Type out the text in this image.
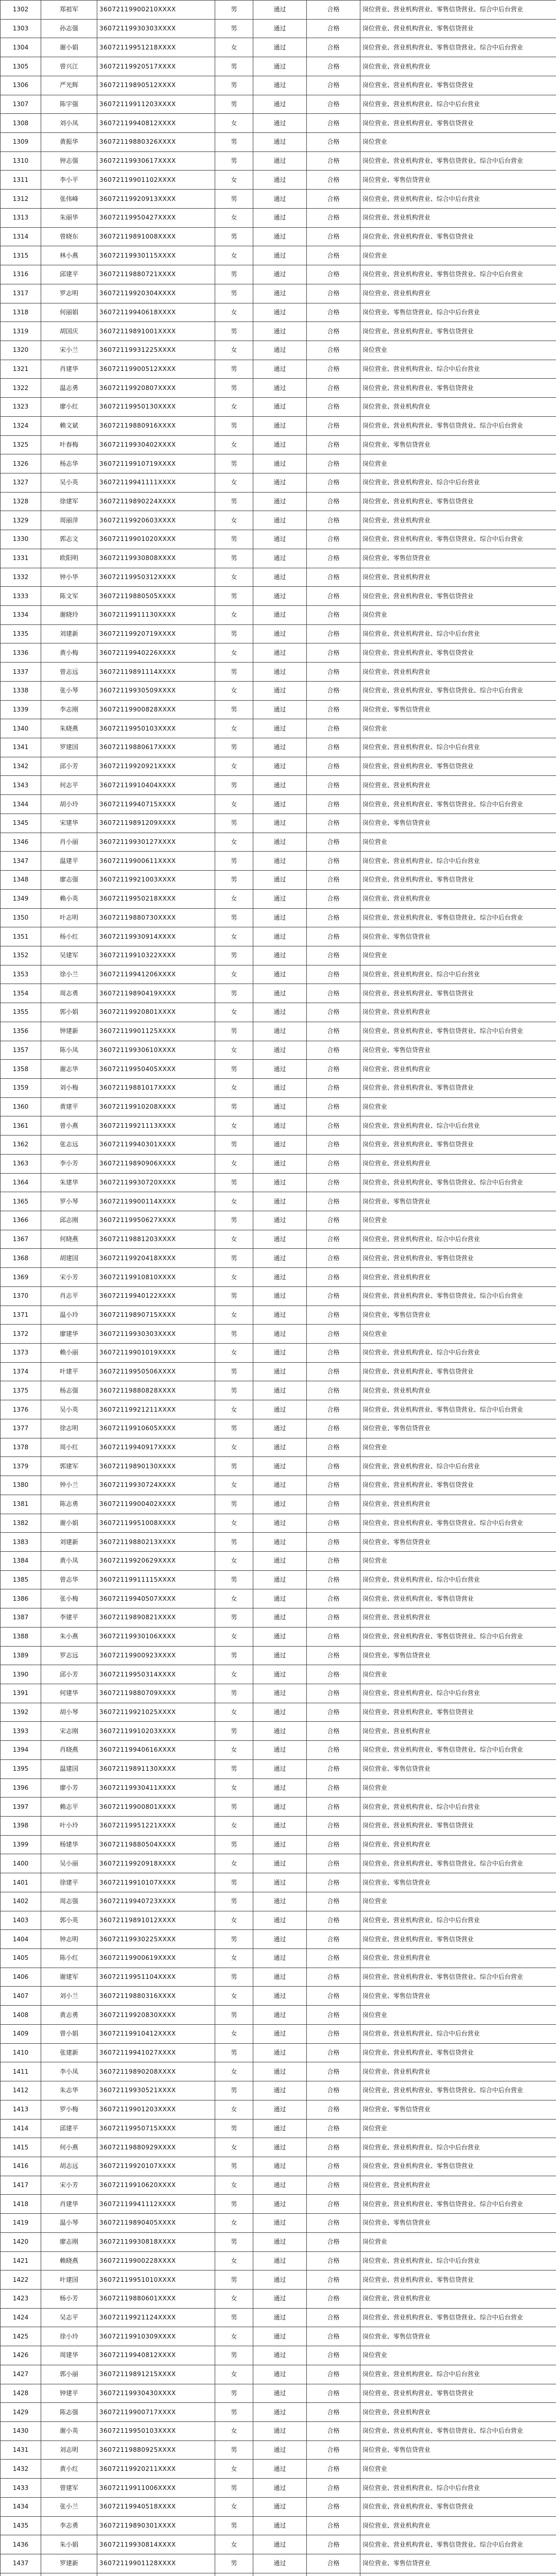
1302	郑祖军	36072119900210XXXX	男	通过	合格	岗位营业、营业机构营业、零售信贷营业、综合中后台营业
1303	孙志强	36072119930303XXXX	男	通过	合格	岗位营业、营业机构营业、零售信贷营业
1304	谢小娟	36072119951218XXXX	女	通过	合格	岗位营业、营业机构营业、零售信贷营业、综合中后台营业
1305	曾兴江	36072119920517XXXX	男	通过	合格	岗位营业、营业机构营业
1306	严光辉	36072119890512XXXX	男	通过	合格	岗位营业、营业机构营业、零售信贷营业
1307	陈宇强	36072119911203XXXX	男	通过	合格	岗位营业、营业机构营业、综合中后台营业
1308	刘小凤	36072119940812XXXX	女	通过	合格	岗位营业、营业机构营业、零售信贷营业
1309	黄振华	36072119880326XXXX	男	通过	合格	岗位营业
1310	钟志强	36072119930617XXXX	男	通过	合格	岗位营业、营业机构营业、零售信贷营业、综合中后台营业
1311	李小平	36072119901102XXXX	女	通过	合格	岗位营业、零售信贷营业
1312	张伟峰	36072119920913XXXX	男	通过	合格	岗位营业、营业机构营业、综合中后台营业
1313	朱丽华	36072119950427XXXX	女	通过	合格	岗位营业、营业机构营业
1314	曾晓东	36072119891008XXXX	男	通过	合格	岗位营业、营业机构营业、零售信贷营业
1315	林小燕	36072119930115XXXX	女	通过	合格	岗位营业
1316	邱建平	36072119880721XXXX	男	通过	合格	岗位营业、营业机构营业、零售信贷营业、综合中后台营业
1317	罗志明	36072119920304XXXX	男	通过	合格	岗位营业、营业机构营业
1318	何丽娟	36072119940618XXXX	女	通过	合格	岗位营业、零售信贷营业、综合中后台营业
1319	胡国庆	36072119891001XXXX	男	通过	合格	岗位营业、营业机构营业、零售信贷营业
1320	宋小兰	36072119931225XXXX	女	通过	合格	岗位营业
1321	肖建华	36072119900512XXXX	男	通过	合格	岗位营业、营业机构营业、综合中后台营业
1322	温志勇	36072119920807XXXX	男	通过	合格	岗位营业、营业机构营业、零售信贷营业
1323	廖小红	36072119950130XXXX	女	通过	合格	岗位营业、营业机构营业
1324	赖文斌	36072119880916XXXX	男	通过	合格	岗位营业、营业机构营业、零售信贷营业、综合中后台营业
1325	叶春梅	36072119930402XXXX	女	通过	合格	岗位营业、零售信贷营业
1326	杨志华	36072119910719XXXX	男	通过	合格	岗位营业
1327	吴小英	36072119941111XXXX	女	通过	合格	岗位营业、营业机构营业、综合中后台营业
1328	徐建军	36072119890224XXXX	男	通过	合格	岗位营业、营业机构营业、零售信贷营业
1329	周丽萍	36072119920603XXXX	女	通过	合格	岗位营业、营业机构营业
1330	郭志文	36072119901020XXXX	男	通过	合格	岗位营业、营业机构营业、零售信贷营业、综合中后台营业
1331	欧阳明	36072119930808XXXX	男	通过	合格	岗位营业、零售信贷营业
1332	钟小华	36072119950312XXXX	女	通过	合格	岗位营业、营业机构营业
1333	陈文军	36072119880505XXXX	男	通过	合格	岗位营业、营业机构营业、零售信贷营业
1334	谢晓玲	36072119911130XXXX	女	通过	合格	岗位营业
1335	刘建新	36072119920719XXXX	男	通过	合格	岗位营业、营业机构营业、综合中后台营业
1336	黄小梅	36072119940226XXXX	女	通过	合格	岗位营业、营业机构营业、零售信贷营业
1337	曾志远	36072119891114XXXX	男	通过	合格	岗位营业、营业机构营业
1338	张小琴	36072119930509XXXX	女	通过	合格	岗位营业、营业机构营业、零售信贷营业、综合中后台营业
1339	李志刚	36072119900828XXXX	男	通过	合格	岗位营业、零售信贷营业
1340	朱晓燕	36072119950103XXXX	女	通过	合格	岗位营业
1341	罗建国	36072119880617XXXX	男	通过	合格	岗位营业、营业机构营业、综合中后台营业
1342	邱小芳	36072119920921XXXX	女	通过	合格	岗位营业、营业机构营业、零售信贷营业
1343	何志平	36072119910404XXXX	男	通过	合格	岗位营业、营业机构营业
1344	胡小玲	36072119940715XXXX	女	通过	合格	岗位营业、营业机构营业、零售信贷营业、综合中后台营业
1345	宋建华	36072119891209XXXX	男	通过	合格	岗位营业、零售信贷营业
1346	肖小丽	36072119930127XXXX	女	通过	合格	岗位营业
1347	温建平	36072119900611XXXX	男	通过	合格	岗位营业、营业机构营业、综合中后台营业
1348	廖志强	36072119921003XXXX	男	通过	合格	岗位营业、营业机构营业、零售信贷营业
1349	赖小英	36072119950218XXXX	女	通过	合格	岗位营业、营业机构营业
1350	叶志明	36072119880730XXXX	男	通过	合格	岗位营业、营业机构营业、零售信贷营业、综合中后台营业
1351	杨小红	36072119930914XXXX	女	通过	合格	岗位营业、零售信贷营业
1352	吴建军	36072119910322XXXX	男	通过	合格	岗位营业
1353	徐小兰	36072119941206XXXX	女	通过	合格	岗位营业、营业机构营业、综合中后台营业
1354	周志勇	36072119890419XXXX	男	通过	合格	岗位营业、营业机构营业、零售信贷营业
1355	郭小娟	36072119920801XXXX	女	通过	合格	岗位营业、营业机构营业
1356	钟建新	36072119901125XXXX	男	通过	合格	岗位营业、营业机构营业、零售信贷营业、综合中后台营业
1357	陈小凤	36072119930610XXXX	女	通过	合格	岗位营业、零售信贷营业
1358	谢志华	36072119950405XXXX	男	通过	合格	岗位营业、营业机构营业
1359	刘小梅	36072119881017XXXX	女	通过	合格	岗位营业、营业机构营业、零售信贷营业
1360	黄建平	36072119910208XXXX	男	通过	合格	岗位营业
1361	曾小燕	36072119921113XXXX	女	通过	合格	岗位营业、营业机构营业、综合中后台营业
1362	张志远	36072119940301XXXX	男	通过	合格	岗位营业、营业机构营业、零售信贷营业
1363	李小芳	36072119890906XXXX	女	通过	合格	岗位营业、营业机构营业
1364	朱建华	36072119930720XXXX	男	通过	合格	岗位营业、营业机构营业、零售信贷营业、综合中后台营业
1365	罗小琴	36072119900114XXXX	女	通过	合格	岗位营业、零售信贷营业
1366	邱志刚	36072119950627XXXX	男	通过	合格	岗位营业
1367	何晓燕	36072119881203XXXX	女	通过	合格	岗位营业、营业机构营业、综合中后台营业
1368	胡建国	36072119920418XXXX	男	通过	合格	岗位营业、营业机构营业、零售信贷营业
1369	宋小芳	36072119910810XXXX	女	通过	合格	岗位营业、营业机构营业
1370	肖志平	36072119940122XXXX	男	通过	合格	岗位营业、营业机构营业、零售信贷营业、综合中后台营业
1371	温小玲	36072119890715XXXX	女	通过	合格	岗位营业、零售信贷营业
1372	廖建华	36072119930303XXXX	男	通过	合格	岗位营业
1373	赖小丽	36072119901019XXXX	女	通过	合格	岗位营业、营业机构营业、综合中后台营业
1374	叶建平	36072119950506XXXX	男	通过	合格	岗位营业、营业机构营业、零售信贷营业
1375	杨志强	36072119880828XXXX	男	通过	合格	岗位营业、营业机构营业
1376	吴小英	36072119921211XXXX	女	通过	合格	岗位营业、营业机构营业、零售信贷营业、综合中后台营业
1377	徐志明	36072119910605XXXX	男	通过	合格	岗位营业、零售信贷营业
1378	周小红	36072119940917XXXX	女	通过	合格	岗位营业
1379	郭建军	36072119890130XXXX	男	通过	合格	岗位营业、营业机构营业、综合中后台营业
1380	钟小兰	36072119930724XXXX	女	通过	合格	岗位营业、营业机构营业、零售信贷营业
1381	陈志勇	36072119900402XXXX	男	通过	合格	岗位营业、营业机构营业
1382	谢小娟	36072119951008XXXX	女	通过	合格	岗位营业、营业机构营业、零售信贷营业、综合中后台营业
1383	刘建新	36072119880213XXXX	男	通过	合格	岗位营业、零售信贷营业
1384	黄小凤	36072119920629XXXX	女	通过	合格	岗位营业
1385	曾志华	36072119911115XXXX	男	通过	合格	岗位营业、营业机构营业、综合中后台营业
1386	张小梅	36072119940507XXXX	女	通过	合格	岗位营业、营业机构营业、零售信贷营业
1387	李建平	36072119890821XXXX	男	通过	合格	岗位营业、营业机构营业
1388	朱小燕	36072119930106XXXX	女	通过	合格	岗位营业、营业机构营业、零售信贷营业、综合中后台营业
1389	罗志远	36072119900923XXXX	男	通过	合格	岗位营业、零售信贷营业
1390	邱小芳	36072119950314XXXX	女	通过	合格	岗位营业
1391	何建华	36072119880709XXXX	男	通过	合格	岗位营业、营业机构营业、综合中后台营业
1392	胡小琴	36072119921025XXXX	女	通过	合格	岗位营业、营业机构营业、零售信贷营业
1393	宋志刚	36072119910203XXXX	男	通过	合格	岗位营业、营业机构营业
1394	肖晓燕	36072119940616XXXX	女	通过	合格	岗位营业、营业机构营业、零售信贷营业、综合中后台营业
1395	温建国	36072119891130XXXX	男	通过	合格	岗位营业、零售信贷营业
1396	廖小芳	36072119930411XXXX	女	通过	合格	岗位营业
1397	赖志平	36072119900801XXXX	男	通过	合格	岗位营业、营业机构营业、综合中后台营业
1398	叶小玲	36072119951221XXXX	女	通过	合格	岗位营业、营业机构营业、零售信贷营业
1399	杨建华	36072119880504XXXX	男	通过	合格	岗位营业、营业机构营业
1400	吴小丽	36072119920918XXXX	女	通过	合格	岗位营业、营业机构营业、零售信贷营业、综合中后台营业
1401	徐建平	36072119910107XXXX	男	通过	合格	岗位营业、零售信贷营业
1402	周志强	36072119940723XXXX	男	通过	合格	岗位营业
1403	郭小英	36072119891012XXXX	女	通过	合格	岗位营业、营业机构营业、综合中后台营业
1404	钟志明	36072119930225XXXX	男	通过	合格	岗位营业、营业机构营业、零售信贷营业
1405	陈小红	36072119900619XXXX	女	通过	合格	岗位营业、营业机构营业
1406	谢建军	36072119951104XXXX	男	通过	合格	岗位营业、营业机构营业、零售信贷营业、综合中后台营业
1407	刘小兰	36072119880316XXXX	女	通过	合格	岗位营业、零售信贷营业
1408	黄志勇	36072119920830XXXX	男	通过	合格	岗位营业
1409	曾小娟	36072119910412XXXX	女	通过	合格	岗位营业、营业机构营业、综合中后台营业
1410	张建新	36072119941027XXXX	男	通过	合格	岗位营业、营业机构营业、零售信贷营业
1411	李小凤	36072119890208XXXX	女	通过	合格	岗位营业、营业机构营业
1412	朱志华	36072119930521XXXX	男	通过	合格	岗位营业、营业机构营业、零售信贷营业、综合中后台营业
1413	罗小梅	36072119901203XXXX	女	通过	合格	岗位营业、零售信贷营业
1414	邱建平	36072119950715XXXX	男	通过	合格	岗位营业
1415	何小燕	36072119880929XXXX	女	通过	合格	岗位营业、营业机构营业、综合中后台营业
1416	胡志远	36072119920107XXXX	男	通过	合格	岗位营业、营业机构营业、零售信贷营业
1417	宋小芳	36072119910620XXXX	女	通过	合格	岗位营业、营业机构营业
1418	肖建华	36072119941112XXXX	男	通过	合格	岗位营业、营业机构营业、零售信贷营业、综合中后台营业
1419	温小琴	36072119890405XXXX	女	通过	合格	岗位营业、零售信贷营业
1420	廖志刚	36072119930818XXXX	男	通过	合格	岗位营业
1421	赖晓燕	36072119900228XXXX	女	通过	合格	岗位营业、营业机构营业、综合中后台营业
1422	叶建国	36072119951010XXXX	男	通过	合格	岗位营业、营业机构营业、零售信贷营业
1423	杨小芳	36072119880601XXXX	女	通过	合格	岗位营业、营业机构营业
1424	吴志平	36072119921124XXXX	男	通过	合格	岗位营业、营业机构营业、零售信贷营业、综合中后台营业
1425	徐小玲	36072119910309XXXX	女	通过	合格	岗位营业、零售信贷营业
1426	周建华	36072119940812XXXX	男	通过	合格	岗位营业
1427	郭小丽	36072119891215XXXX	女	通过	合格	岗位营业、营业机构营业、综合中后台营业
1428	钟建平	36072119930430XXXX	男	通过	合格	岗位营业、营业机构营业、零售信贷营业
1429	陈志强	36072119900717XXXX	男	通过	合格	岗位营业、营业机构营业
1430	谢小英	36072119950103XXXX	女	通过	合格	岗位营业、营业机构营业、零售信贷营业、综合中后台营业
1431	刘志明	36072119880925XXXX	男	通过	合格	岗位营业、零售信贷营业
1432	黄小红	36072119920211XXXX	女	通过	合格	岗位营业
1433	曾建军	36072119911006XXXX	男	通过	合格	岗位营业、营业机构营业、综合中后台营业
1434	张小兰	36072119940518XXXX	女	通过	合格	岗位营业、营业机构营业、零售信贷营业
1435	李志勇	36072119890301XXXX	男	通过	合格	岗位营业、营业机构营业
1436	朱小娟	36072119930814XXXX	女	通过	合格	岗位营业、营业机构营业、零售信贷营业、综合中后台营业
1437	罗建新	36072119901128XXXX	男	通过	合格	岗位营业、零售信贷营业
